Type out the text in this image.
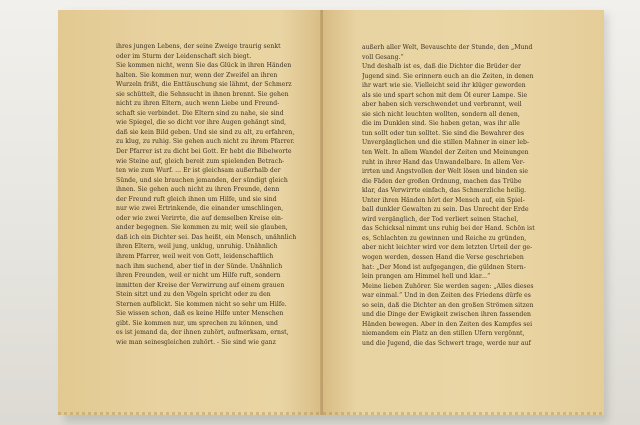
ihres jungen Lebens, der seine Zweige traurig senkt
oder im Sturm der Leidenschaft sich biegt.
Sie kommen nicht, wenn Sie das Glück in ihren Händen
halten. Sie kommen nur, wenn der Zweifel an ihren
Wurzeln frißt, die Enttäuschung sie lähmt, der Schmerz
sie schüttelt, die Sehnsucht in ihnen brennt. Sie gehen
nicht zu ihren Eltern, auch wenn Liebe und Freund-
schaft sie verbindet. Die Eltern sind zu nahe, sie sind
wie Spiegel, die so dicht vor ihre Augen gehängt sind,
daß sie kein Bild geben. Und sie sind zu alt, zu erfahren,
zu klug, zu ruhig. Sie gehen auch nicht zu ihrem Pfarrer.
Der Pfarrer ist zu dicht bei Gott. Er hebt die Bibelworte
wie Steine auf, gleich bereit zum spielenden Betrach-
ten wie zum Wurf. ... Er ist gleichsam außerhalb der
Sünde, und sie brauchen jemanden, der sündigt gleich
ihnen. Sie gehen auch nicht zu ihren Freunde, denn
der Freund ruft gleich ihnen um Hilfe, und sie sind
nur wie zwei Ertrinkende, die einander umschlingen,
oder wie zwei Verirrte, die auf demselben Kreise ein-
ander begegnen. Sie kommen zu mir, weil sie glauben,
daß ich ein Dichter sei. Das heißt, ein Mensch, unähnlich
ihren Eltern, weil jung, unklug, unruhig. Unähnlich
ihrem Pfarrer, weil weit von Gott, leidenschaftlich
nach ihm suchend, aber tief in der Sünde. Unähnlich
ihren Freunden, weil er nicht um Hilfe ruft, sondern
inmitten der Kreise der Verwirrung auf einem grauen
Stein sitzt und zu den Vögeln spricht oder zu den
Sternen aufblickt. Sie kommen nicht so sehr um Hilfe.
Sie wissen schon, daß es keine Hilfe unter Menschen
gibt. Sie kommen nur, um sprechen zu können, und
es ist jemand da, der ihnen zuhört, aufmerksam, ernst,
wie man seinesgleichen zuhört. - Sie sind wie ganz
außerh aller Welt, Bevauschte der Stunde, den „Mund
voll Gesang.“
Und deshalb ist es, daß die Dichter die Brüder der
Jugend sind. Sie erinnern euch an die Zeiten, in denen
ihr wart wie sie. Vielleicht seid ihr klüger geworden
als sie und spart schon mit dem Öl eurer Lampe. Sie
aber haben sich verschwendet und verbrannt, weil
sie sich nicht leuchten wollten, sondern all denen,
die im Dunklen sind. Sie haben getan, was ihr alle
tun sollt oder tun solltet. Sie sind die Bewahrer des
Unvergänglichen und die stillen Mahner in einer leb-
ten Welt. In allem Wandel der Zeiten und Meinungen
ruht in ihrer Hand das Unwandelbare. In allem Ver-
irrten und Angstvollen der Welt lösen und binden sie
die Fäden der großen Ordnung, machen das Trübe
klar, das Verwirrte einfach, das Schmerzliche heilig.
Unter ihren Händen hört der Mensch auf, ein Spiel-
ball dunkler Gewalten zu sein. Das Unrecht der Erde
wird vergänglich, der Tod verliert seinen Stachel,
das Schicksal nimmt uns ruhig bei der Hand. Schön ist
es, Schlachten zu gewinnen und Reiche zu gründen,
aber nicht leichter wird vor dem letzten Urteil der ge-
wogen werden, dessen Hand die Verse geschrieben
hat: „Der Mond ist aufgegangen, die güldnen Stern-
lein prangen am Himmel hell und klar...“
Meine lieben Zuhörer. Sie werden sagen: „Alles dieses
war einmal.“ Und in den Zeiten des Friedens dürfe es
so sein, daß die Dichter an den großen Strömen sitzen
und die Dinge der Ewigkeit zwischen ihren fassenden
Händen bewegen. Aber in den Zeiten des Kampfes sei
niemandem ein Platz an den stillen Ufern vergönnt,
und die Jugend, die das Schwert trage, werde nur auf
